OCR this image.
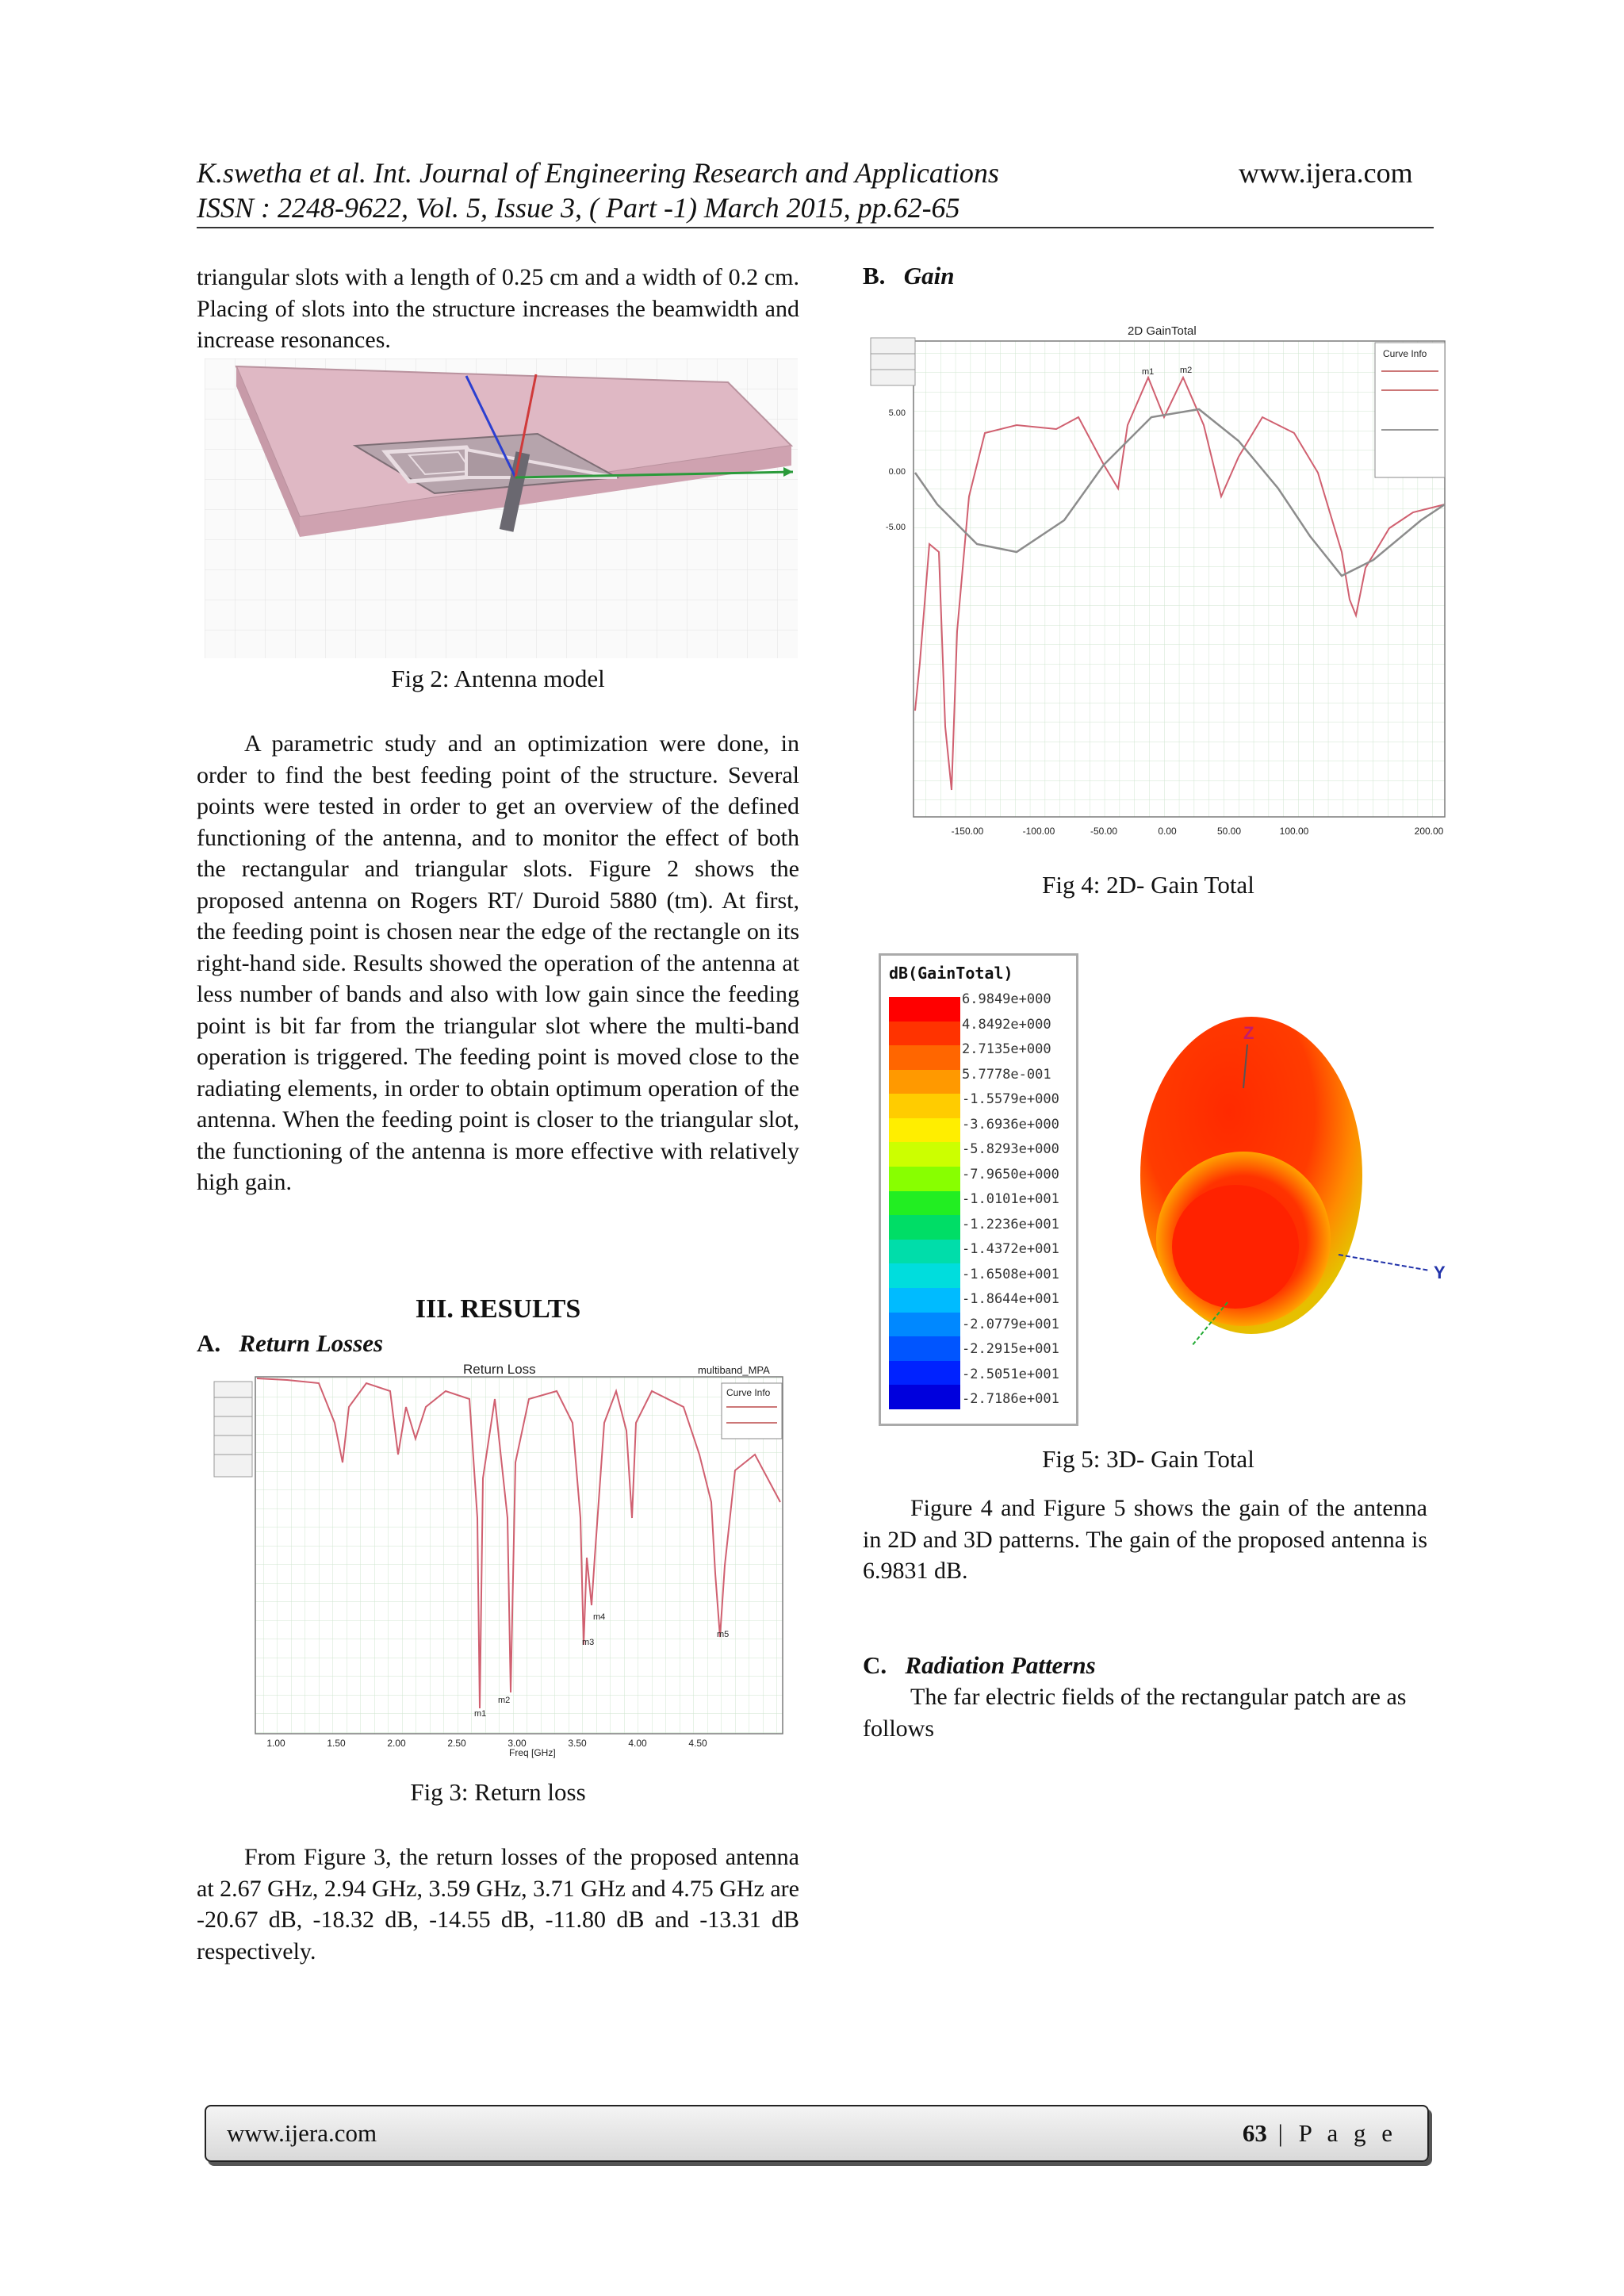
K.swetha et al. Int. Journal of Engineering Research and Applications	www.ijera.com
ISSN : 2248-9622, Vol. 5, Issue 3, ( Part -1) March 2015, pp.62-65

triangular slots with a length of 0.25 cm and a width of 0.2 cm. Placing of slots into the structure increases the beamwidth and increase resonances.

Fig 2: Antenna model

A parametric study and an optimization were done, in order to find the best feeding point of the structure. Several points were tested in order to get an overview of the defined functioning of the antenna, and to monitor the effect of both the rectangular and triangular slots. Figure 2 shows the proposed antenna on Rogers RT/ Duroid 5880 (tm). At first, the feeding point is chosen near the edge of the rectangle on its right-hand side. Results showed the operation of the antenna at less number of bands and also with low gain since the feeding point is bit far from the triangular slot where the multi-band operation is triggered. The feeding point is moved close to the radiating elements, in order to obtain optimum operation of the antenna. When the feeding point is closer to the triangular slot, the functioning of the antenna is more effective with relatively high gain.

III. RESULTS
A. Return Losses
Return Loss	multiband_MPA
Curve Info
m1
m2
m3
m4
m5
1.00	1.50	2.00	2.50	3.00	3.50	4.00	4.50
Freq [GHz]
Fig 3: Return loss

From Figure 3, the return losses of the proposed antenna at 2.67 GHz, 2.94 GHz, 3.59 GHz, 3.71 GHz and 4.75 GHz are -20.67 dB, -18.32 dB, -14.55 dB, -11.80 dB and -13.31 dB respectively.

B. Gain
2D GainTotal
Curve Info
m1	m2
-150.00	-100.00	-50.00	0.00	50.00	100.00	200.00
5.00
0.00
-5.00
Fig 4: 2D- Gain Total
dB(GainTotal)
6.9849e+000
4.8492e+000
2.7135e+000
5.7778e-001
-1.5579e+000
-3.6936e+000
-5.8293e+000
-7.9650e+000
-1.0101e+001
-1.2236e+001
-1.4372e+001
-1.6508e+001
-1.8644e+001
-2.0779e+001
-2.2915e+001
-2.5051e+001
-2.7186e+001
Z
Y
Fig 5: 3D- Gain Total

Figure 4 and Figure 5 shows the gain of the antenna in 2D and 3D patterns. The gain of the proposed antenna is 6.9831 dB.

C. Radiation Patterns

The far electric fields of the rectangular patch are as follows

www.ijera.com	63 | P a g e
